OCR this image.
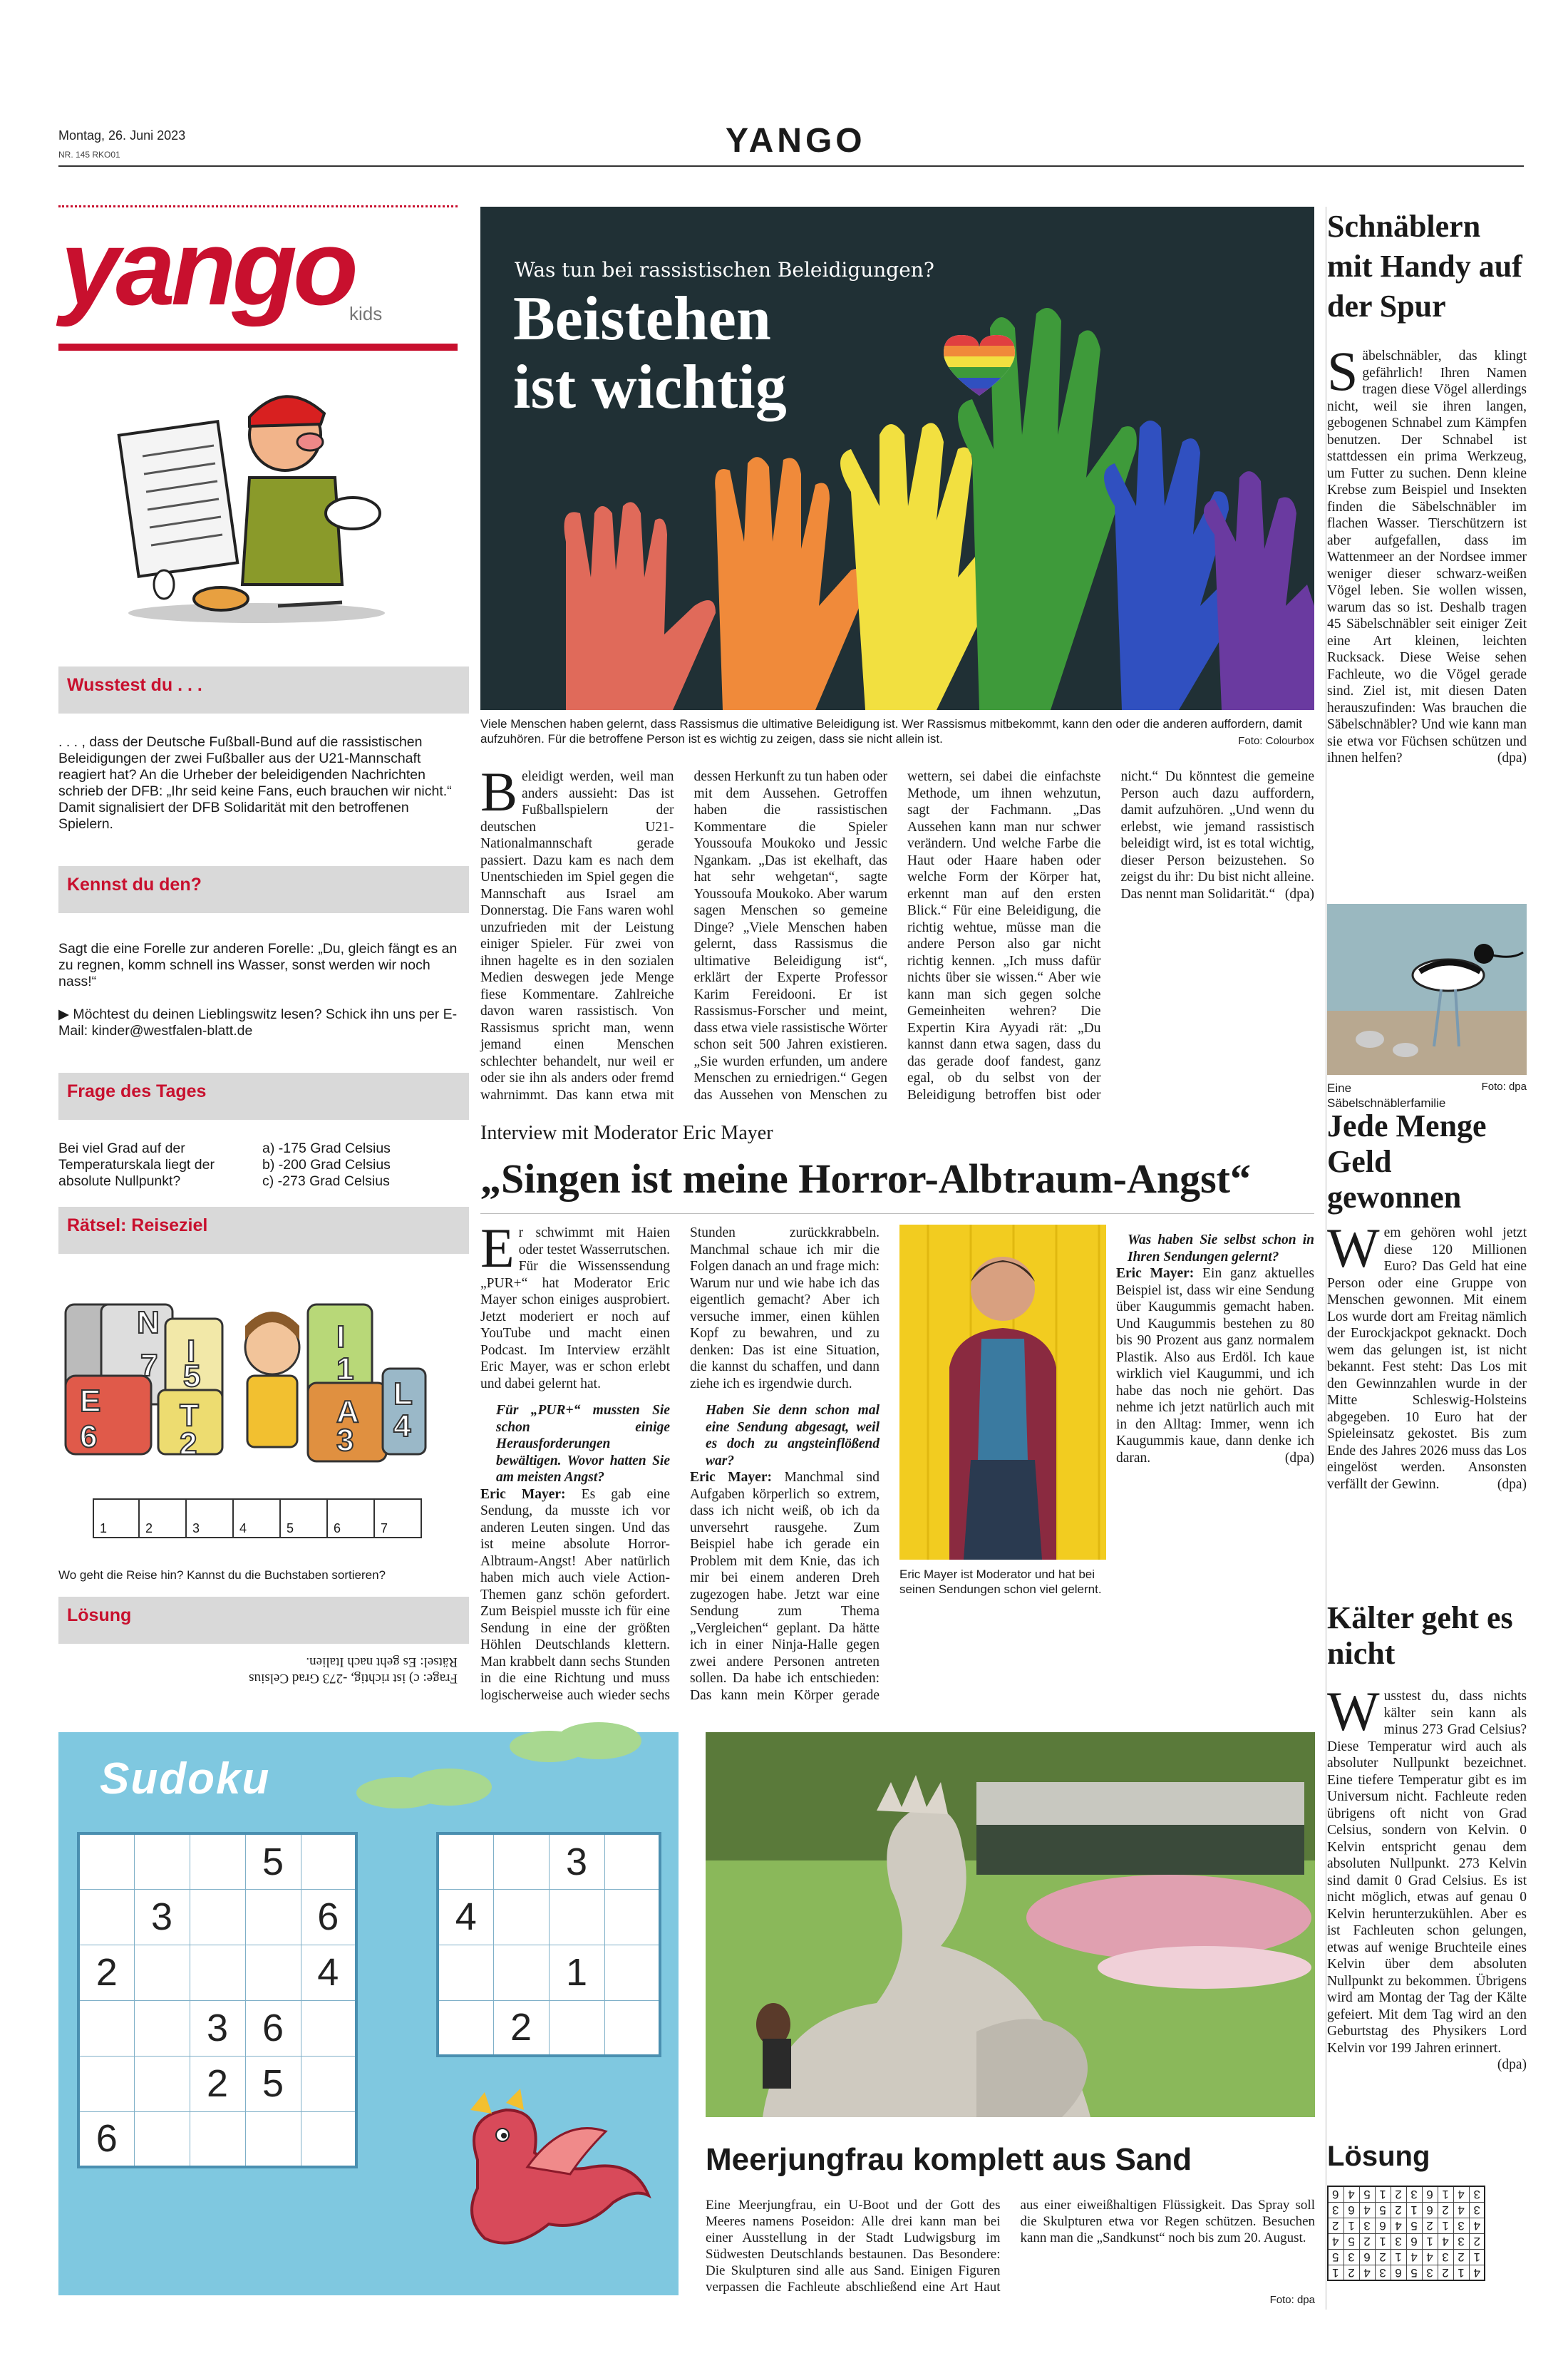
Montag, 26. Juni 2023
NR. 145 RKO01	YANGO
yango
kids
Wusstest du . . .
. . . , dass der Deutsche Fußball-Bund auf die rassistischen Beleidigungen der zwei Fußballer aus der U21-Mannschaft reagiert hat? An die Urheber der beleidigenden Nachrichten schrieb der DFB: „Ihr seid keine Fans, euch brauchen wir nicht.“ Damit signalisiert der DFB Solidarität mit den betroffenen Spielern.
Kennst du den?
Sagt die eine Forelle zur anderen Forelle: „Du, gleich fängt es an zu regnen, komm schnell ins Wasser, sonst werden wir noch nass!“
▶ Möchtest du deinen Lieblingswitz lesen? Schick ihn uns per E-Mail: kinder@westfalen-blatt.de
Frage des Tages
Bei viel Grad auf der Temperaturskala liegt der absolute Nullpunkt?
a) -175 Grad Celsius
b) -200 Grad Celsius
c) -273 Grad Celsius
Rätsel: Reiseziel
N
7
E
6
I
5
T
2
I
1
A
3
L
4
1	2	3	4	5	6	7
Wo geht die Reise hin? Kannst du die Buchstaben sortieren?
Lösung
Frage: c) ist richtig, -273 Grad Celsius
Rätsel: Es geht nach Italien.
Sudoku
			5	
	3			6
2				4
		3	6	
		2	5	
6				
		3	
4			
		1	
	2		
Was tun bei rassistischen Beleidigungen?
Beistehen
ist wichtig
Viele Menschen haben gelernt, dass Rassismus die ultimative Beleidigung ist. Wer Rassismus mitbekommt, kann den oder die anderen auffordern, damit aufzuhören. Für die betroffene Person ist es wichtig zu zeigen, dass sie nicht allein ist.	Foto: Colourbox
Beleidigt werden, weil man anders aussieht: Das ist Fußballspielern der deutschen U21-Nationalmannschaft gerade passiert. Dazu kam es nach dem Unentschieden im Spiel gegen die Mannschaft aus Israel am Donnerstag. Die Fans waren wohl unzufrieden mit der Leistung einiger Spieler. Für zwei von ihnen hagelte es in den sozialen Medien deswegen jede Menge fiese Kommentare. Zahlreiche davon waren rassistisch. Von Rassismus spricht man, wenn jemand einen Menschen schlechter behandelt, nur weil er oder sie ihn als anders oder fremd wahrnimmt. Das kann etwa mit dessen Herkunft zu tun haben oder mit dem Aussehen. Getroffen haben die rassistischen Kommentare die Spieler Youssoufa Moukoko und Jessic Ngankam. „Das ist ekelhaft, das hat sehr wehgetan“, sagte Youssoufa Moukoko. Aber warum sagen Menschen so gemeine Dinge? „Viele Menschen haben gelernt, dass Rassismus die ultimative Beleidigung ist“, erklärt der Experte Professor Karim Fereidooni. Er ist Rassismus-Forscher und meint, dass etwa viele rassistische Wörter schon seit 500 Jahren existieren. „Sie wurden erfunden, um andere Menschen zu erniedrigen.“ Gegen das Aussehen von Menschen zu wettern, sei dabei die einfachste Methode, um ihnen wehzutun, sagt der Fachmann. „Das Aussehen kann man nur schwer verändern. Und welche Farbe die Haut oder Haare haben oder welche Form der Körper hat, erkennt man auf den ersten Blick.“ Für eine Beleidigung, die richtig wehtue, müsse man die andere Person also gar nicht richtig kennen. „Ich muss dafür nichts über sie wissen.“ Aber wie kann man sich gegen solche Gemeinheiten wehren? Die Expertin Kira Ayyadi rät: „Du kannst dann etwa sagen, dass du das gerade doof fandest, ganz egal, ob du selbst von der Beleidigung betroffen bist oder nicht.“ Du könntest die gemeine Person auch dazu auffordern, damit aufzuhören. „Und wenn du erlebst, wie jemand rassistisch beleidigt wird, ist es total wichtig, dieser Person beizustehen. So zeigst du ihr: Du bist nicht alleine. Das nennt man Solidarität.“ (dpa)
Interview mit Moderator Eric Mayer
„Singen ist meine Horror-Albtraum-Angst“
Er schwimmt mit Haien oder testet Wasserrutschen. Für die Wissenssendung „PUR+“ hat Moderator Eric Mayer schon einiges ausprobiert. Jetzt moderiert er noch auf YouTube und macht einen Podcast. Im Interview erzählt Eric Mayer, was er schon erlebt und dabei gelernt hat.

Für „PUR+“ mussten Sie schon einige Herausforderungen bewältigen. Wovor hatten Sie am meisten Angst?

Eric Mayer: Es gab eine Sendung, da musste ich vor anderen Leuten singen. Und das ist meine absolute Horror-Albtraum-Angst! Aber natürlich haben mich auch viele Action-Themen ganz schön gefordert. Zum Beispiel musste ich für eine Sendung in eine der größten Höhlen Deutschlands klettern. Man krabbelt dann sechs Stunden in die eine Richtung und muss logischerweise auch wieder sechs Stunden zurückkrabbeln. Manchmal schaue ich mir die Folgen danach an und frage mich: Warum nur und wie habe ich das eigentlich gemacht? Aber ich versuche immer, einen kühlen Kopf zu bewahren, und zu denken: Das ist eine Situation, die kannst du schaffen, und dann ziehe ich es irgendwie durch.

Haben Sie denn schon mal eine Sendung abgesagt, weil es doch zu angsteinflößend war?

Eric Mayer: Manchmal sind Aufgaben körperlich so extrem, dass ich nicht weiß, ob ich da unversehrt rausgehe. Zum Beispiel habe ich gerade ein Problem mit dem Knie, das ich mir bei einem anderen Dreh zugezogen habe. Jetzt war eine Sendung zum Thema „Vergleichen“ geplant. Da hätte ich in einer Ninja-Halle gegen zwei andere Personen antreten sollen. Da habe ich entschieden: Das kann mein Körper gerade

Eric Mayer ist Moderator und hat bei seinen Sendungen schon viel gelernt.

Was haben Sie selbst schon in Ihren Sendungen gelernt?

Eric Mayer: Ein ganz aktuelles Beispiel ist, dass wir eine Sendung über Kaugummis gemacht haben. Und Kaugummis bestehen zu 80 bis 90 Prozent aus ganz normalem Plastik. Also aus Erdöl. Ich kaue wirklich viel Kaugummi, und ich habe das noch nie gehört. Das nehme ich jetzt natürlich auch mit in den Alltag: Immer, wenn ich Kaugummis kaue, dann denke ich daran.	(dpa)

Meerjungfrau komplett aus Sand
Eine Meerjungfrau, ein U-Boot und der Gott des Meeres namens Poseidon: Alle drei kann man bei einer Ausstellung in der Stadt Ludwigsburg im Südwesten Deutschlands bestaunen. Das Besondere: Die Skulpturen sind alle aus Sand. Einigen Figuren verpassen die Fachleute abschließend eine Art Haut aus einer eiweißhaltigen Flüssigkeit. Das Spray soll die Skulpturen etwa vor Regen schützen. Besuchen kann man die „Sandkunst“ noch bis zum 20. August.
Foto: dpa
Schnäblern mit Handy auf der Spur
Säbelschnäbler, das klingt gefährlich! Ihren Namen tragen diese Vögel allerdings nicht, weil sie ihren langen, gebogenen Schnabel zum Kämpfen benutzen. Der Schnabel ist stattdessen ein prima Werkzeug, um Futter zu suchen. Denn kleine Krebse zum Beispiel und Insekten finden die Säbelschnäbler im flachen Wasser. Tierschützern ist aber aufgefallen, dass im Wattenmeer an der Nordsee immer weniger dieser schwarz-weißen Vögel leben. Sie wollen wissen, warum das so ist. Deshalb tragen 45 Säbelschnäbler seit einiger Zeit eine Art kleinen, leichten Rucksack. Diese Weise sehen Fachleute, wo die Vögel gerade sind. Ziel ist, mit diesen Daten herauszufinden: Was brauchen die Säbelschnäbler? Und wie kann man sie etwa vor Füchsen schützen und ihnen helfen?	(dpa)
Eine Säbelschnäblerfamilie
Foto: dpa
Jede Menge Geld gewonnen
Wem gehören wohl jetzt diese 120 Millionen Euro? Das Geld hat eine Person oder eine Gruppe von Menschen gewonnen. Mit einem Los wurde dort am Freitag nämlich der Eurockjackpot geknackt. Doch wem das gelungen ist, ist nicht bekannt. Fest steht: Das Los mit den Gewinnzahlen wurde in der Mitte Schleswig-Holsteins abgegeben. 10 Euro hat der Spieleinsatz gekostet. Bis zum Ende des Jahres 2026 muss das Los eingelöst werden. Ansonsten verfällt der Gewinn.	(dpa)
Kälter geht es nicht
Wusstest du, dass nichts kälter sein kann als minus 273 Grad Celsius? Diese Temperatur wird auch als absoluter Nullpunkt bezeichnet. Eine tiefere Temperatur gibt es im Universum nicht. Fachleute reden übrigens oft nicht von Grad Celsius, sondern von Kelvin. 0 Kelvin entspricht genau dem absoluten Nullpunkt. 273 Kelvin sind damit 0 Grad Celsius. Es ist nicht möglich, etwas auf genau 0 Kelvin herunterzukühlen. Aber es ist Fachleuten schon gelungen, etwas auf wenige Bruchteile eines Kelvin über dem absoluten Nullpunkt zu bekommen. Übrigens wird am Montag der Tag der Kälte gefeiert. Mit dem Tag wird an den Geburtstag des Physikers Lord Kelvin vor 199 Jahren erinnert.
(dpa)
Lösung
6	4	5	1	2	3	6	1	4	3
3	6	4	5	2	1	6	2	4	3
2	1	3	6	4	5	2	1	3	4
4	5	2	1	3	6	1	4	3	2
5	3	6	2	1	4	4	3	2	1
1	2	4	3	6	5	3	2	1	4
